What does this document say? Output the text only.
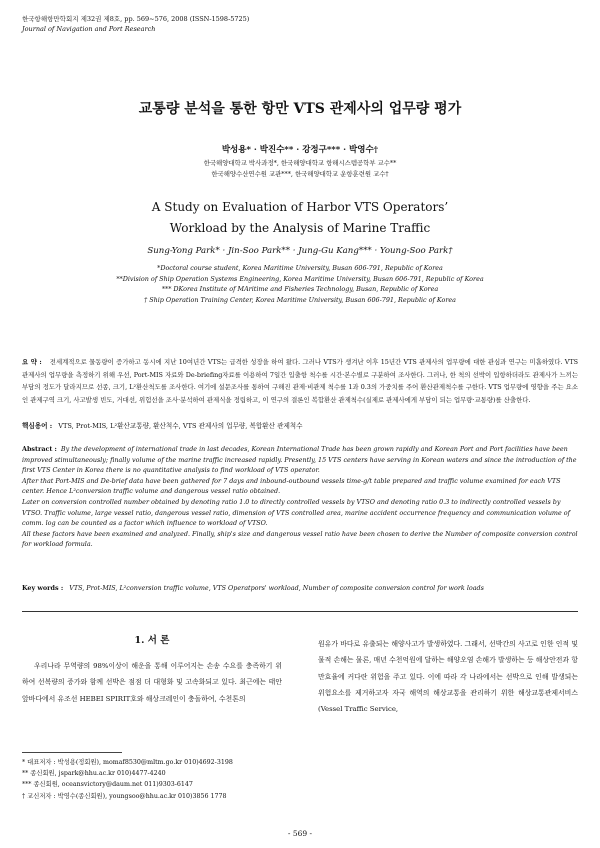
한국항해항만학회지 제32권 제8호, pp. 569~576, 2008 (ISSN-1598-5725)
Journal of Navigation and Port Research
교통량 분석을 통한 항만 VTS 관제사의 업무량 평가
박성용* · 박진수** · 강정구*** · 박영수†
한국해양대학교 박사과정*, 한국해양대학교 항해시스템공학부 교수**
한국해양수산연수원 교관***, 한국해양대학교 운항훈련원 교수†
A Study on Evaluation of Harbor VTS Operators’
Workload by the Analysis of Marine Traffic
Sung-Yong Park* · Jin-Soo Park** · Jung-Gu Kang*** · Young-Soo Park†
*Doctoral course student, Korea Maritime University, Busan 606-791, Republic of Korea
**Division of Ship Operation Systems Engineering, Korea Maritime University, Busan 606-791, Republic of Korea
*** DKorea Institute of MAritime and Fisheries Technology, Busan, Republic of Korea
† Ship Operation Training Center, Korea Maritime University, Busan 606-791, Republic of Korea
요 약 : 전세계적으로 물동량이 증가하고 동시에 지난 10여년간 VTS는 급격한 성장을 하여 왔다. 그러나 VTS가 생겨난 이후 15년간 VTS 관제사의 업무량에 대한 관심과 연구는 미흡하였다. VTS 관제사의 업무량을 측정하기 위해 우선, Port-MIS 자료와 De-briefing자료를 이용하여 7일간 입출항 척수를 시간·본수별로 구분하여 조사한다. 그러나, 한 척의 선박이 입항하더라도 관제사가 느끼는 부담의 정도가 달라지므로 선종, 크기, L²환산척도를 조사한다. 여기에 설문조사를 통하여 구해진 관제·비관제 척수를 1과 0.3의 가중치를 주어 환산관제척수를 구한다. VTS 업무량에 영향을 주는 요소인 관제구역 크기, 사고발생 빈도, 거대선, 위험선을 조사·분석하여 관제식을 정립하고, 이 연구의 결론인 복합환산 관제척수(실제로 관제사에게 부담이 되는 업무량·교통량)를 산출한다.
핵심용어 : VTS, Prot-MIS, L²환산교통량, 환산척수, VTS 관제사의 업무량, 복합환산 관제척수
Abstract : By the development of international trade in last decades, Korean International Trade has been grown rapidly and Korean Port and Port facilities have been improved stimultaneously; finally volume of the marine traffic increased rapidly. Presently, 15 VTS centers have serving in Korean waters and since the introduction of the first VTS Center in Korea there is no quantitative analysis to find workload of VTS operator.
After that Port-MIS and De-brief data have been gathered for 7 days and inbound-outbound vessels time-g/t table prepared and traffic volume examined for each VTS center. Hence L²conversion traffic volume and dangerous vessel ratio obtained.
Later on conversion controlled number obtained by denoting ratio 1.0 to directly controlled vessels by VTSO and denoting ratio 0.3 to indirectly controlled vessels by VTSO. Traffic volume, large vessel ratio, dangerous vessel ratio, dimension of VTS controlled area, marine accident occurrence frequency and communication volume of comm. log can be counted as a factor which influence to workload of VTSO.
All these factors have been examined and analyzed. Finally, ship's size and dangerous vessel ratio have been chosen to derive the Number of composite conversion control for workload formula.
Key words : VTS, Prot-MIS, L²conversion traffic volume, VTS Operatpors' workload, Number of composite conversion control for work loads
1. 서 론
우리나라 무역량의 98%이상이 해운을 통해 이루어지는 손송 수요를 충족하기 위하여 선복량의 증가와 함께 선박은 점점 더 대형화 및 고속화되고 있다. 최근에는 태안 앞바다에서 유조선 HEBEI SPIRIT호와 해상크레인이 충돌하여, 수천톤의
원유가 바다로 유출되는 해양사고가 발생하였다. 그래서, 선박간의 사고로 인한 인적 및 물적 손해는 물론, 매년 수천억원에 달하는 해양오염 손해가 발생하는 등 해상안전과 항만효율에 커다란 위험을 주고 있다. 이에 따라 각 나라에서는 선박으로 인해 발생되는 위험요소를 제거하고자 자국 해역의 해상교통을 관리하기 위한 해상교통관제서비스(Vessel Traffic Service,
* 대표저자 : 박성용(정회원), momaf8530@mltm.go.kr 010)4692-3198
** 종신회원, jspark@hhu.ac.kr 010)4477-4240
*** 종신회원, oceansvictory@daum.net 011)9303-6147
† 교신저자 : 박영수(종신회원), youngsoo@hhu.ac.kr 010)3856 1778
- 569 -
